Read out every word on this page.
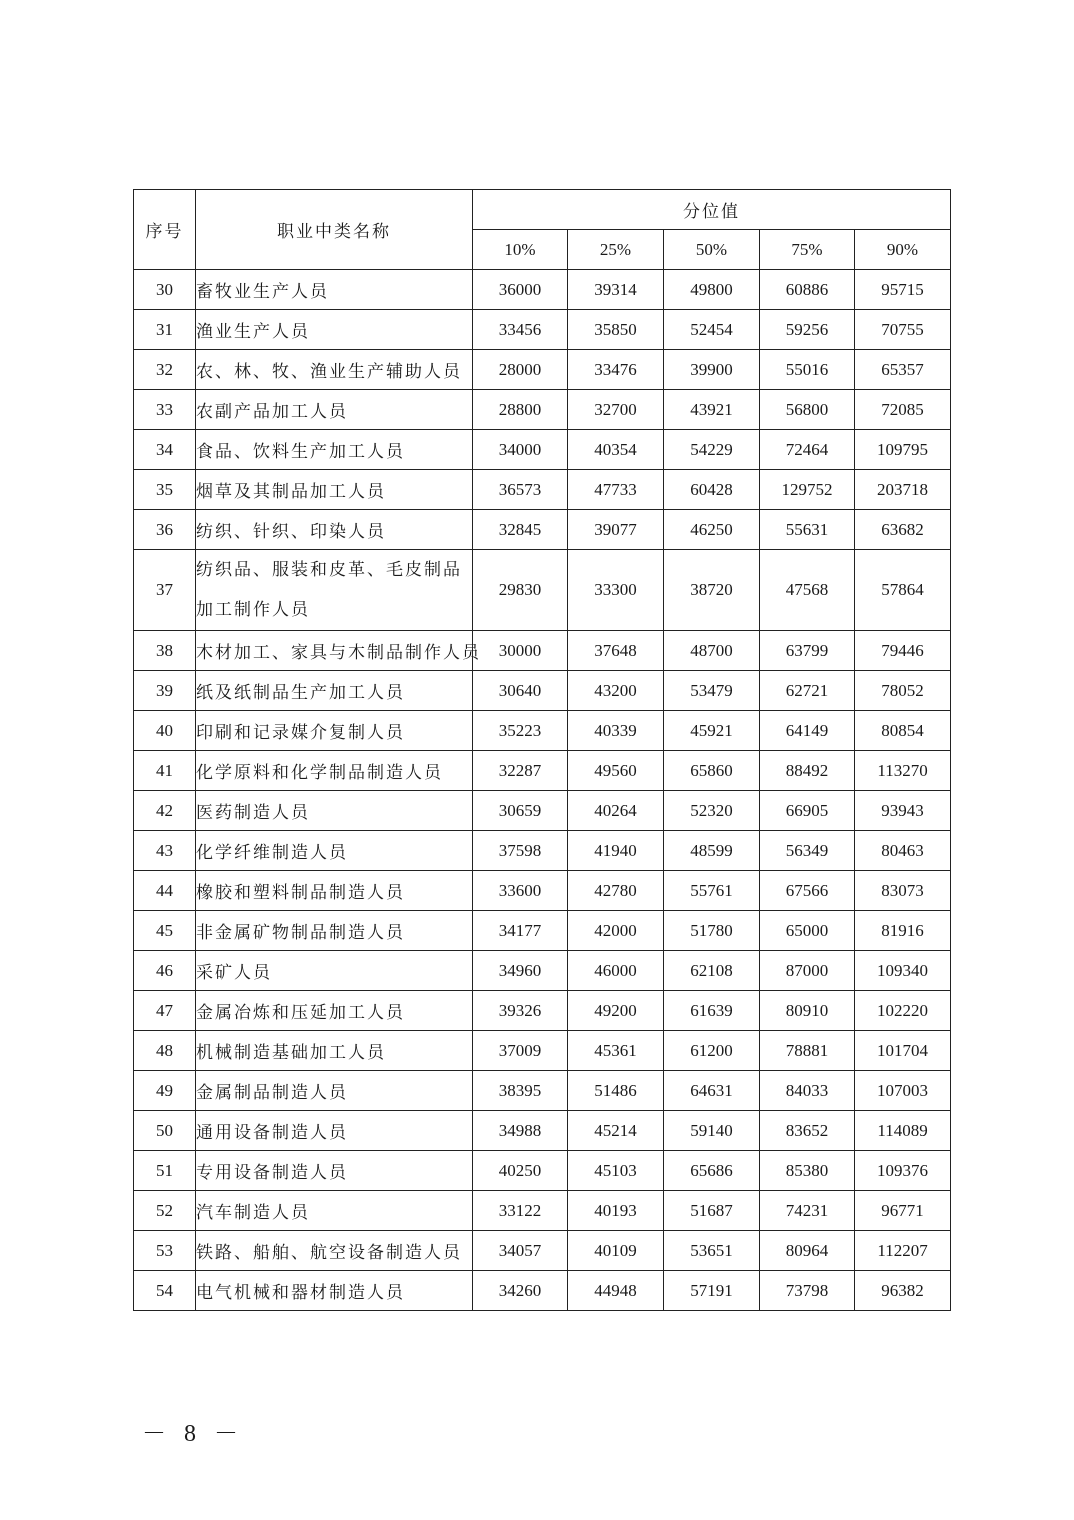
序号	职业中类名称	分位值				
		10%	25%	50%	75%	90%
30	畜牧业生产人员	36000	39314	49800	60886	95715
31	渔业生产人员	33456	35850	52454	59256	70755
32	农、林、牧、渔业生产辅助人员	28000	33476	39900	55016	65357
33	农副产品加工人员	28800	32700	43921	56800	72085
34	食品、饮料生产加工人员	34000	40354	54229	72464	109795
35	烟草及其制品加工人员	36573	47733	60428	129752	203718
36	纺织、针织、印染人员	32845	39077	46250	55631	63682
37	纺织品、服装和皮革、毛皮制品加工制作人员	29830	33300	38720	47568	57864
38	木材加工、家具与木制品制作人员	30000	37648	48700	63799	79446
39	纸及纸制品生产加工人员	30640	43200	53479	62721	78052
40	印刷和记录媒介复制人员	35223	40339	45921	64149	80854
41	化学原料和化学制品制造人员	32287	49560	65860	88492	113270
42	医药制造人员	30659	40264	52320	66905	93943
43	化学纤维制造人员	37598	41940	48599	56349	80463
44	橡胶和塑料制品制造人员	33600	42780	55761	67566	83073
45	非金属矿物制品制造人员	34177	42000	51780	65000	81916
46	采矿人员	34960	46000	62108	87000	109340
47	金属冶炼和压延加工人员	39326	49200	61639	80910	102220
48	机械制造基础加工人员	37009	45361	61200	78881	101704
49	金属制品制造人员	38395	51486	64631	84033	107003
50	通用设备制造人员	34988	45214	59140	83652	114089
51	专用设备制造人员	40250	45103	65686	85380	109376
52	汽车制造人员	33122	40193	51687	74231	96771
53	铁路、船舶、航空设备制造人员	34057	40109	53651	80964	112207
54	电气机械和器材制造人员	34260	44948	57191	73798	96382
－ 8 －
